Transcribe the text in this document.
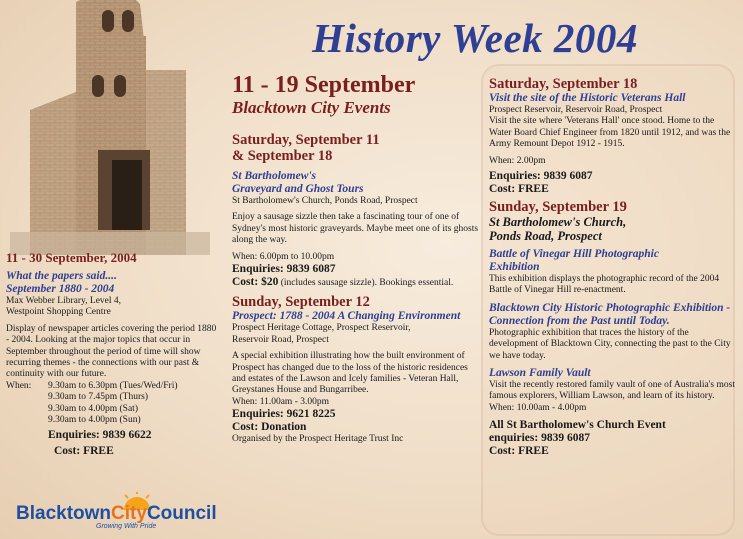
History Week 2004
11 - 19 September
Blacktown City Events
11 - 30 September, 2004
What the papers said....
September 1880 - 2004
Max Webber Library, Level 4,
Westpoint Shopping Centre
Display of newspaper articles covering the period 1880 - 2004. Looking at the major topics that occur in September throughout the period of time will show recurring themes - the connections with our past & continuity with our future.
When:	9.30am to 6.30pm (Tues/Wed/Fri)
9.30am to 7.45pm (Thurs)
9.30am to 4.00pm (Sat)
9.30am to 4.00pm (Sun)
Enquiries: 9839 6622
Cost: FREE
Saturday, September 11 & September 18
St Bartholomew's
Graveyard and Ghost Tours
St Bartholomew's Church, Ponds Road, Prospect
Enjoy a sausage sizzle then take a fascinating tour of one of Sydney's most historic graveyards. Maybe meet one of its ghosts along the way.
When: 6.00pm to 10.00pm
Enquiries: 9839 6087
Cost: $20 (includes sausage sizzle). Bookings essential.
Sunday, September 12
Prospect: 1788 - 2004 A Changing Environment
Prospect Heritage Cottage, Prospect Reservoir, Reservoir Road, Prospect
A special exhibition illustrating how the built environment of Prospect has changed due to the loss of the historic residences and estates of the Lawson and Icely families - Veteran Hall, Greystanes House and Bungarribee.
When: 11.00am - 3.00pm
Enquiries: 9621 8225
Cost: Donation
Organised by the Prospect Heritage Trust Inc
Saturday, September 18
Visit the site of the Historic Veterans Hall
Prospect Reservoir, Reservoir Road, Prospect
Visit the site where 'Veterans Hall' once stood. Home to the Water Board Chief Engineer from 1820 until 1912, and was the Army Remount Depot 1912 - 1915.
When: 2.00pm
Enquiries: 9839 6087
Cost: FREE
Sunday, September 19
St Bartholomew's Church,
Ponds Road, Prospect
Battle of Vinegar Hill Photographic Exhibition
This exhibition displays the photographic record of the 2004 Battle of Vinegar Hill re-enactment.
Blacktown City Historic Photographic Exhibition - Connection from the Past until Today.
Photographic exhibition that traces the history of the development of Blacktown City, connecting the past to the City we have today.
Lawson Family Vault
Visit the recently restored family vault of one of Australia's most famous explorers, William Lawson, and learn of its history.
When: 10.00am - 4.00pm
All St Bartholomew's Church Event
enquiries: 9839 6087
Cost: FREE
BlacktownCityCouncil
Growing With Pride
